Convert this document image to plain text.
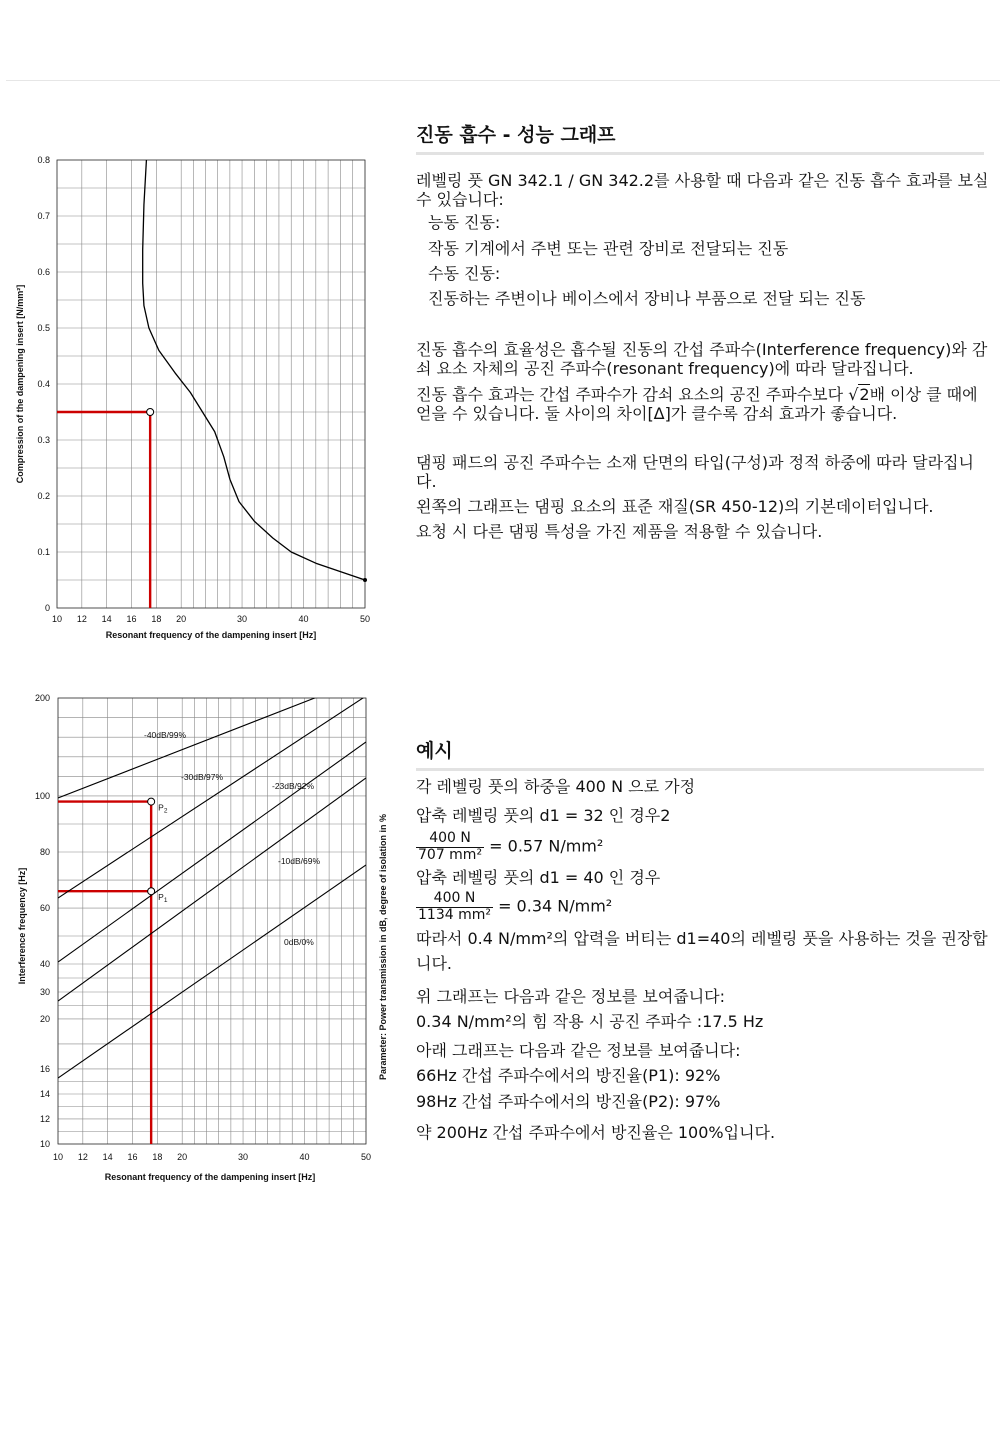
10 12 14 16 18 20	30	40	50
0
0.1
0.2
0.3
0.4
0.5
0.6
0.7
0.8
Resonant frequency of the dampening insert [Hz]
Compression of the dampening insert [N/mm²]
10 12 14 16 18 20	30	40	50
10
12
14
16
20
30
40
60
80
100
200
Resonant frequency of the dampening insert [Hz]
Interference frequency [Hz]	Parameter: Power transmission in dB, degree of isolation in %
0dB/0%
-10dB/69%
-23dB/92%
-30dB/97%
-40dB/99%
$P_1$
$P_2$
진동 흡수 - 성능 그래프

레벨링 풋 GN 342.1 / GN 342.2를 사용할 때 다음과 같은 진동 흡수 효과를 보실 수 있습니다:

능동 진동:

작동 기계에서 주변 또는 관련 장비로 전달되는 진동

수동 진동:

진동하는 주변이나 베이스에서 장비나 부품으로 전달 되는 진동

진동 흡수의 효율성은 흡수될 진동의 간섭 주파수(Interference frequency)와 감쇠 요소 자체의 공진 주파수(resonant frequency)에 따라 달라집니다.

진동 흡수 효과는 간섭 주파수가 감쇠 요소의 공진 주파수보다 √2배 이상 클 때에 얻을 수 있습니다. 둘 사이의 차이[Δ]가 클수록 감쇠 효과가 좋습니다.

댐핑 패드의 공진 주파수는 소재 단면의 타입(구성)과 정적 하중에 따라 달라집니다.

왼쪽의 그래프는 댐핑 요소의 표준 재질(SR 450-12)의 기본데이터입니다.

요청 시 다른 댐핑 특성을 가진 제품을 적용할 수 있습니다.

예시

각 레벨링 풋의 하중을 400 N 으로 가정

압축 레벨링 풋의 d1 = 32 인 경우2

$\frac{400 N}{\text{707 mm²}} = 0.57$ N/mm²

압축 레벨링 풋의 d1 = 40 인 경우

$\frac{400 N}{\text{1134 mm²}} = 0.34$ N/mm²

따라서 0.4 N/mm²의 압력을 버티는 d1=40의 레벨링 풋을 사용하는 것을 권장합니다.

위 그래프는 다음과 같은 정보를 보여줍니다:

0.34 N/mm²의 힘 작용 시 공진 주파수 :17.5 Hz

아래 그래프는 다음과 같은 정보를 보여줍니다:

66Hz 간섭 주파수에서의 방진율(P1): 92%

98Hz 간섭 주파수에서의 방진율(P2): 97%

약 200Hz 간섭 주파수에서 방진율은 100%입니다.
